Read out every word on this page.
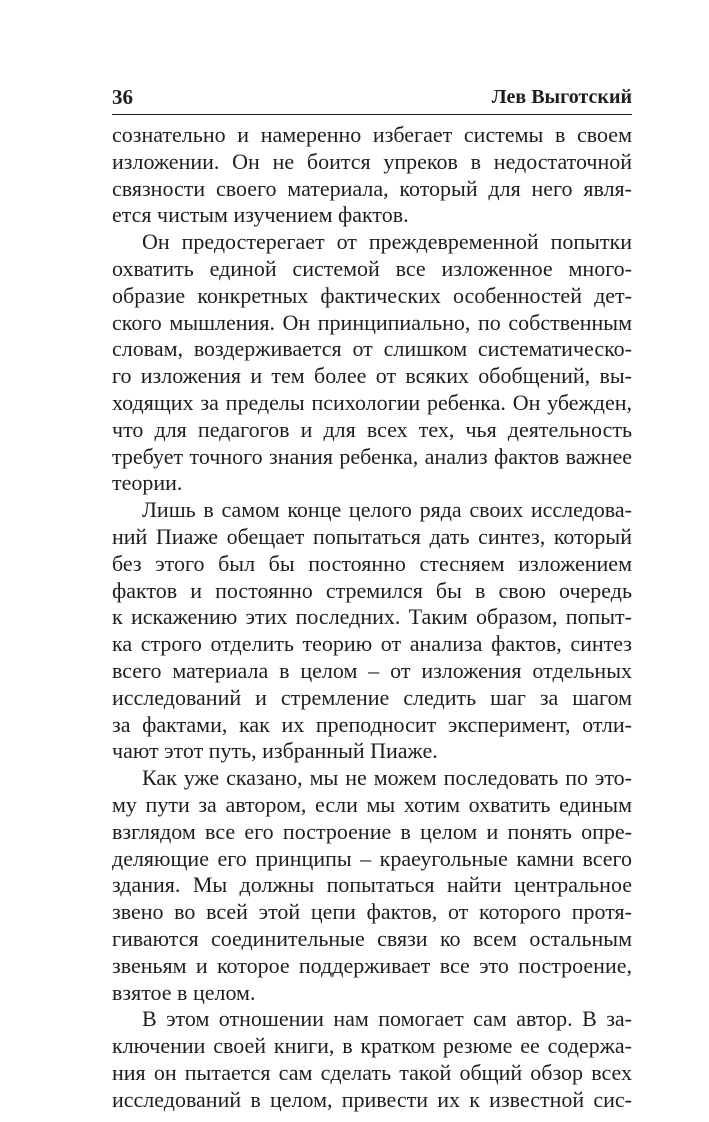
36	Лев Выготский
сознательно и намеренно избегает системы в своем
изложении. Он не боится упреков в недостаточной
связности своего материала, который для него явля-
ется чистым изучением фактов.
Он предостерегает от преждевременной попытки
охватить единой системой все изложенное много-
образие конкретных фактических особенностей дет-
ского мышления. Он принципиально, по собственным
словам, воздерживается от слишком систематическо-
го изложения и тем более от всяких обобщений, вы-
ходящих за пределы психологии ребенка. Он убежден,
что для педагогов и для всех тех, чья деятельность
требует точного знания ребенка, анализ фактов важнее
теории.
Лишь в самом конце целого ряда своих исследова-
ний Пиаже обещает попытаться дать синтез, который
без этого был бы постоянно стесняем изложением
фактов и постоянно стремился бы в свою очередь
к искажению этих последних. Таким образом, попыт-
ка строго отделить теорию от анализа фактов, синтез
всего материала в целом – от изложения отдельных
исследований и стремление следить шаг за шагом
за фактами, как их преподносит эксперимент, отли-
чают этот путь, избранный Пиаже.
Как уже сказано, мы не можем последовать по это-
му пути за автором, если мы хотим охватить единым
взглядом все его построение в целом и понять опре-
деляющие его принципы – краеугольные камни всего
здания. Мы должны попытаться найти центральное
звено во всей этой цепи фактов, от которого протя-
гиваются соединительные связи ко всем остальным
звеньям и которое поддерживает все это построение,
взятое в целом.
В этом отношении нам помогает сам автор. В за-
ключении своей книги, в кратком резюме ее содержа-
ния он пытается сам сделать такой общий обзор всех
исследований в целом, привести их к известной сис-
